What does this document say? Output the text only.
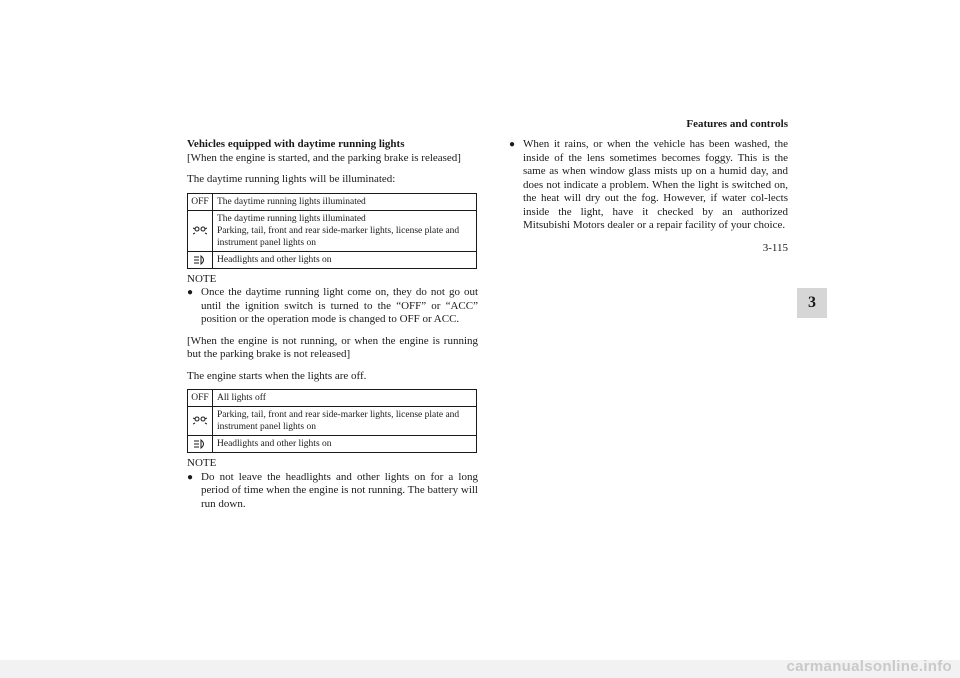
Features and controls
3-115
3
Vehicles equipped with daytime running lights
[When the engine is started, and the parking brake is released]
The daytime running lights will be illuminated:
OFF	The daytime running lights illuminated

	The daytime running lights illuminated
Parking, tail, front and rear side-marker lights, license plate and instrument panel lights on

	Headlights and other lights on
NOTE
● Once the daytime running light come on, they do not go out until the ignition switch is turned to the “OFF” or “ACC” position or the operation mode is changed to OFF or ACC.
[When the engine is not running, or when the engine is running but the parking brake is not released]
The engine starts when the lights are off.
OFF	All lights off

	Parking, tail, front and rear side-marker lights, license plate and instrument panel lights on

	Headlights and other lights on
NOTE
● Do not leave the headlights and other lights on for a long period of time when the engine is not running. The battery will run down.
● When it rains, or when the vehicle has been washed, the inside of the lens sometimes becomes foggy. This is the same as when window glass mists up on a humid day, and does not indicate a problem. When the light is switched on, the heat will dry out the fog. However, if water col-lects inside the light, have it checked by an authorized Mitsubishi Motors dealer or a repair facility of your choice.
carmanualsonline.info
